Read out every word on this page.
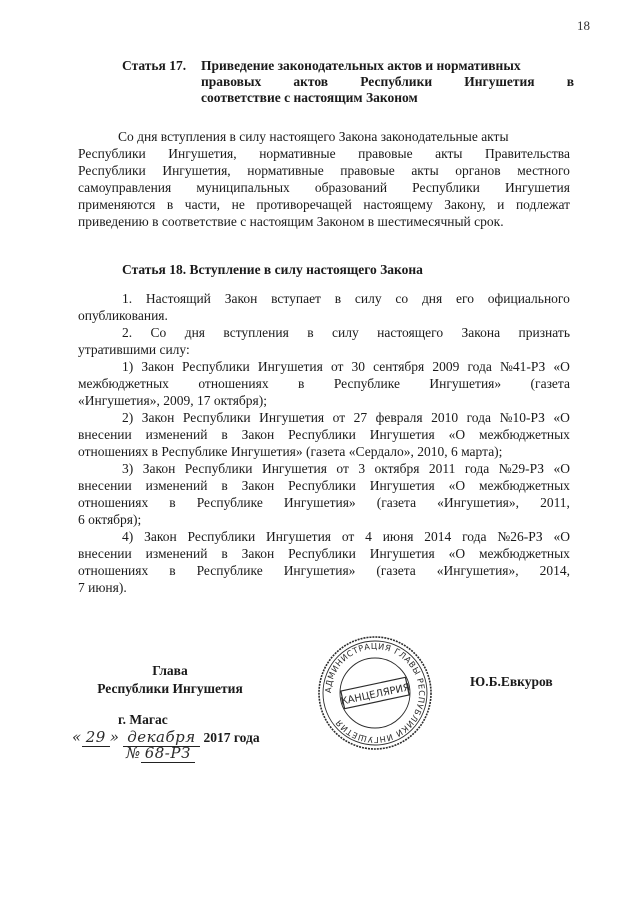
18
Статья 17. Приведение законодательных актов и нормативных
правовых актов Республики Ингушетия в
соответствие с настоящим Законом
Со дня вступления в силу настоящего Закона законодательные акты
Республики Ингушетия, нормативные правовые акты Правительства
Республики Ингушетия, нормативные правовые акты органов местного
самоуправления муниципальных образований Республики Ингушетия
применяются в части, не противоречащей настоящему Закону, и подлежат
приведению в соответствие с настоящим Законом в шестимесячный срок.
Статья 18. Вступление в силу настоящего Закона
1. Настоящий Закон вступает в силу со дня его официального
опубликования.
2. Со дня вступления в силу настоящего Закона признать
утратившими силу:
1) Закон Республики Ингушетия от 30 сентября 2009 года №41-РЗ «О
межбюджетных отношениях в Республике Ингушетия» (газета
«Ингушетия», 2009, 17 октября);
2) Закон Республики Ингушетия от 27 февраля 2010 года №10-РЗ «О
внесении изменений в Закон Республики Ингушетия «О межбюджетных
отношениях в Республике Ингушетия» (газета «Сердало», 2010, 6 марта);
3) Закон Республики Ингушетия от 3 октября 2011 года №29-РЗ «О
внесении изменений в Закон Республики Ингушетия «О межбюджетных
отношениях в Республике Ингушетия» (газета «Ингушетия», 2011,
6 октября);
4) Закон Республики Ингушетия от 4 июня 2014 года №26-РЗ «О
внесении изменений в Закон Республики Ингушетия «О межбюджетных
отношениях в Республике Ингушетия» (газета «Ингушетия», 2014,
7 июня).
Глава
Республики Ингушетия	Ю.Б.Евкуров
АДМИНИСТРАЦИЯ ГЛАВЫ РЕСПУБЛИКИ ИНГУШЕТИЯ
КАНЦЕЛЯРИЯ
г. Магас
« 29 » декабря 2017 года
№ 68-РЗ
